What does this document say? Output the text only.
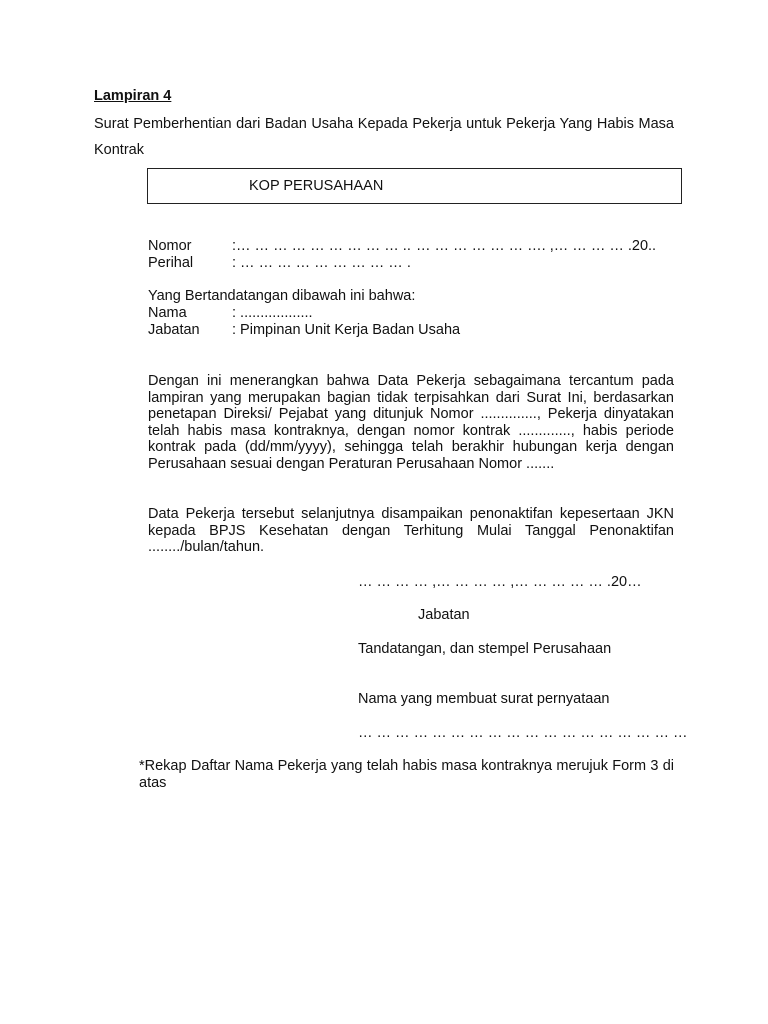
Lampiran 4
Surat Pemberhentian dari Badan Usaha Kepada Pekerja untuk Pekerja Yang Habis Masa Kontrak
KOP PERUSAHAAN
Nomor	:… … … … … … … … … .. … … … … … … …. ,… … … … .20..
Perihal	: … … … … … … … … … .
Yang Bertandatangan dibawah ini bahwa:
Nama	: ..................
Jabatan : Pimpinan Unit Kerja Badan Usaha
Dengan ini menerangkan bahwa Data Pekerja sebagaimana tercantum pada lampiran yang merupakan bagian tidak terpisahkan dari Surat Ini, berdasarkan penetapan Direksi/ Pejabat yang ditunjuk Nomor .............., Pekerja dinyatakan telah habis masa kontraknya, dengan nomor kontrak ............., habis periode kontrak pada (dd/mm/yyyy), sehingga telah berakhir hubungan kerja dengan Perusahaan sesuai dengan Peraturan Perusahaan Nomor .......
Data Pekerja tersebut selanjutnya disampaikan penonaktifan kepesertaan JKN kepada BPJS Kesehatan dengan Terhitung Mulai Tanggal Penonaktifan ......../bulan/tahun.
… … … … ,… … … … ,… … … … … .20…
Jabatan
Tandatangan, dan stempel Perusahaan
Nama yang membuat surat pernyataan
… … … … … … … … … … … … … … … … … …
*Rekap Daftar Nama Pekerja yang telah habis masa kontraknya merujuk Form 3 di atas
